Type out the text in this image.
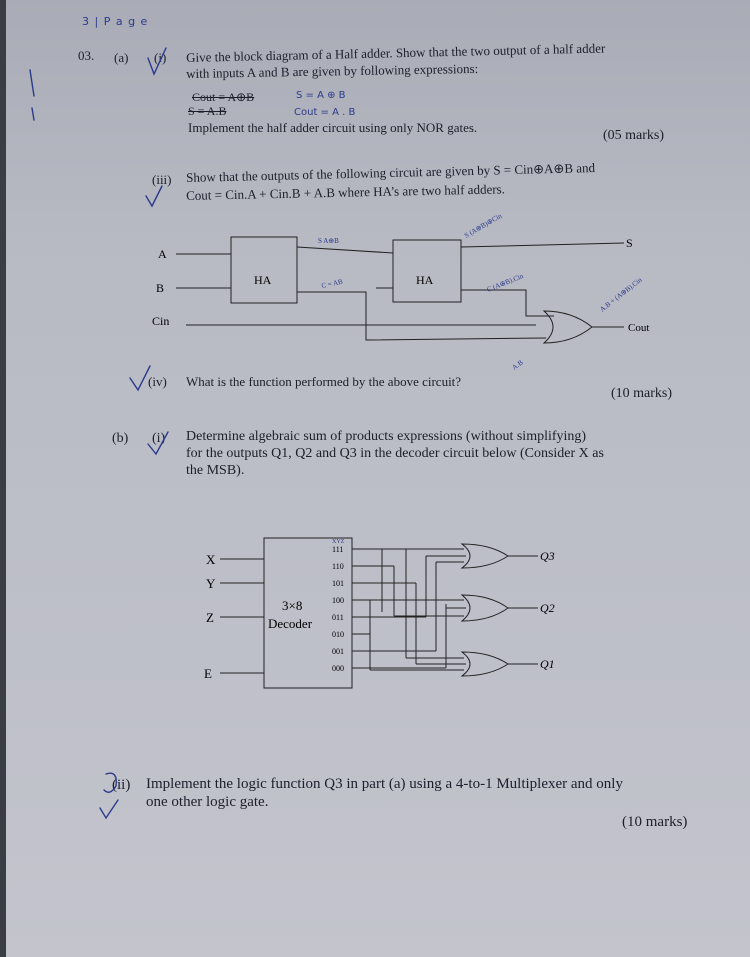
3 | P a g e
03. (a) (i) Give the block diagram of a Half adder. Show that the two output of a half adder
with inputs A and B are given by following expressions:
Cout = A⊕B
S = A.B
S = A ⊕ B
Cout = A . B
Implement the half adder circuit using only NOR gates.
(05 marks)
(iii) Show that the outputs of the following circuit are given by S = Cin⊕A⊕B and
Cout = Cin.A + Cin.B + A.B where HA’s are two half adders.
A
B
Cin
HA	HA
S
Cout
S A⊕B
C = AB
S (A⊕B)⊕Cin
C (A⊕B).Cin	A.B + (A⊕B).Cin
A.B
(iv) What is the function performed by the above circuit?
(10 marks)
(b) (i) Determine algebraic sum of products expressions (without simplifying)
for the outputs Q1, Q2 and Q3 in the decoder circuit below (Consider X as
the MSB).
X
Y
Z
E
3×8
Decoder
111
110
101
100
011
010
001
000
XYZ
Q3
Q2
Q1
(ii) Implement the logic function Q3 in part (a) using a 4-to-1 Multiplexer and only
one other logic gate.
(10 marks)
